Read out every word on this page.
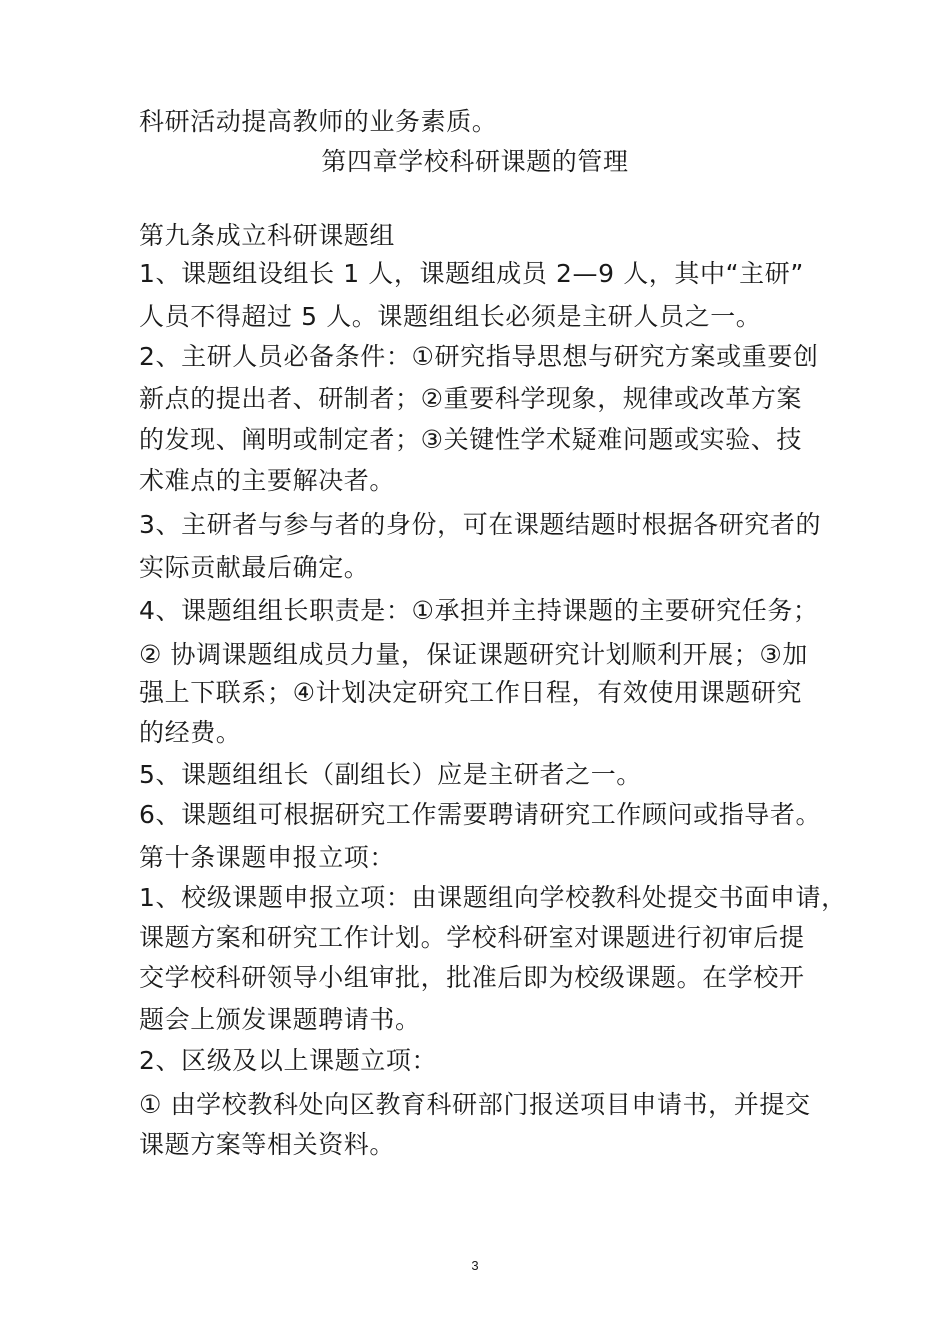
科研活动提高教师的业务素质。
第四章学校科研课题的管理
第九条成立科研课题组
1、课题组设组长 1 人，课题组成员 2—9 人，其中“主研”
人员不得超过 5 人。课题组组长必须是主研人员之一。
2、主研人员必备条件：①研究指导思想与研究方案或重要创
新点的提出者、研制者；②重要科学现象，规律或改革方案
的发现、阐明或制定者；③关键性学术疑难问题或实验、技
术难点的主要解决者。
3、主研者与参与者的身份，可在课题结题时根据各研究者的
实际贡献最后确定。
4、课题组组长职责是：①承担并主持课题的主要研究任务；
② 协调课题组成员力量，保证课题研究计划顺利开展；③加
强上下联系；④计划决定研究工作日程，有效使用课题研究
的经费。
5、课题组组长（副组长）应是主研者之一。
6、课题组可根据研究工作需要聘请研究工作顾问或指导者。
第十条课题申报立项：
1、校级课题申报立项：由课题组向学校教科处提交书面申请，
课题方案和研究工作计划。学校科研室对课题进行初审后提
交学校科研领导小组审批，批准后即为校级课题。在学校开
题会上颁发课题聘请书。
2、区级及以上课题立项：
① 由学校教科处向区教育科研部门报送项目申请书，并提交
课题方案等相关资料。
3
